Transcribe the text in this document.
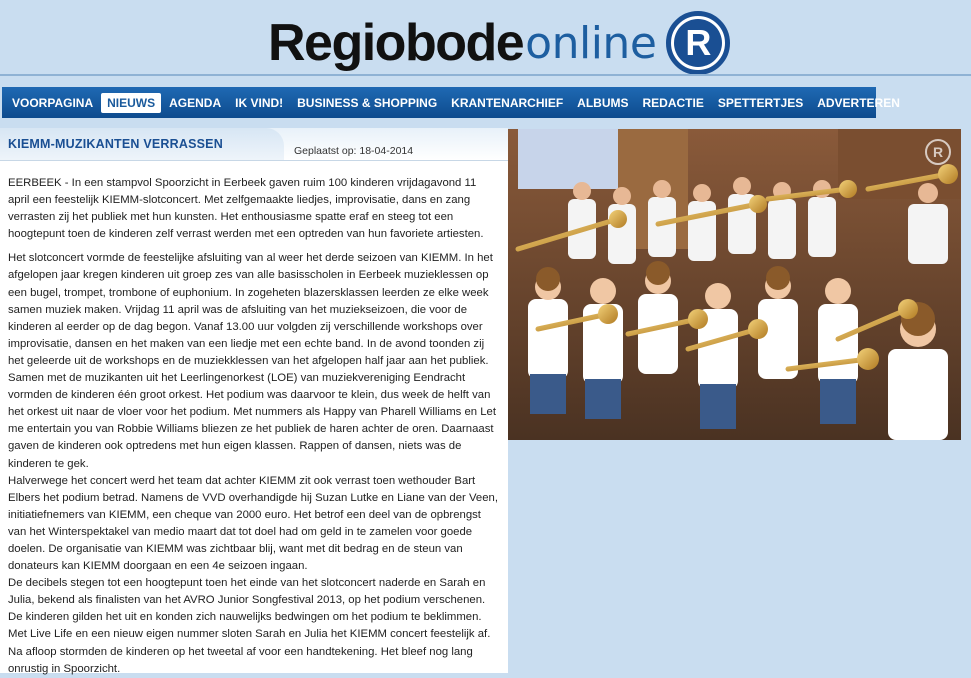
Regiobode online R
VOORPAGINA	NIEUWS	AGENDA	IK VIND!	BUSINESS & SHOPPING	KRANTENARCHIEF	ALBUMS	REDACTIE	SPETTERTJES	ADVERTEREN
KIEMM-MUZIKANTEN VERRASSEN	Geplaatst op: 18-04-2014

EERBEEK - In een stampvol Spoorzicht in Eerbeek gaven ruim 100 kinderen vrijdagavond 11 april een feestelijk KIEMM-slotconcert. Met zelfgemaakte liedjes, improvisatie, dans en zang verrasten zij het publiek met hun kunsten. Het enthousiasme spatte eraf en steeg tot een hoogtepunt toen de kinderen zelf verrast werden met een optreden van hun favoriete artiesten.

Het slotconcert vormde de feestelijke afsluiting van al weer het derde seizoen van KIEMM. In het afgelopen jaar kregen kinderen uit groep zes van alle basisscholen in Eerbeek muzieklessen op een bugel, trompet, trombone of euphonium. In zogeheten blazersklassen leerden ze elke week samen muziek maken. Vrijdag 11 april was de afsluiting van het muziekseizoen, die voor de kinderen al eerder op de dag begon. Vanaf 13.00 uur volgden zij verschillende workshops over improvisatie, dansen en het maken van een liedje met een echte band. In de avond toonden zij het geleerde uit de workshops en de muziekklessen van het afgelopen half jaar aan het publiek.

Samen met de muzikanten uit het Leerlingenorkest (LOE) van muziekvereniging Eendracht vormden de kinderen één groot orkest. Het podium was daarvoor te klein, dus week de helft van het orkest uit naar de vloer voor het podium. Met nummers als Happy van Pharell Williams en Let me entertain you van Robbie Williams bliezen ze het publiek de haren achter de oren. Daarnaast gaven de kinderen ook optredens met hun eigen klassen. Rappen of dansen, niets was de kinderen te gek.

Halverwege het concert werd het team dat achter KIEMM zit ook verrast toen wethouder Bart Elbers het podium betrad. Namens de VVD overhandigde hij Suzan Lutke en Liane van der Veen, initiatiefnemers van KIEMM, een cheque van 2000 euro. Het betrof een deel van de opbrengst van het Winterspektakel van medio maart dat tot doel had om geld in te zamelen voor goede doelen. De organisatie van KIEMM was zichtbaar blij, want met dit bedrag en de steun van donateurs kan KIEMM doorgaan en een 4e seizoen ingaan.

De decibels stegen tot een hoogtepunt toen het einde van het slotconcert naderde en Sarah en Julia, bekend als finalisten van het AVRO Junior Songfestival 2013, op het podium verschenen. De kinderen gilden het uit en konden zich nauwelijks bedwingen om het podium te beklimmen. Met Live Life en een nieuw eigen nummer sloten Sarah en Julia het KIEMM concert feestelijk af. Na afloop stormden de kinderen op het tweetal af voor een handtekening. Het bleef nog lang onrustig in Spoorzicht.

R
